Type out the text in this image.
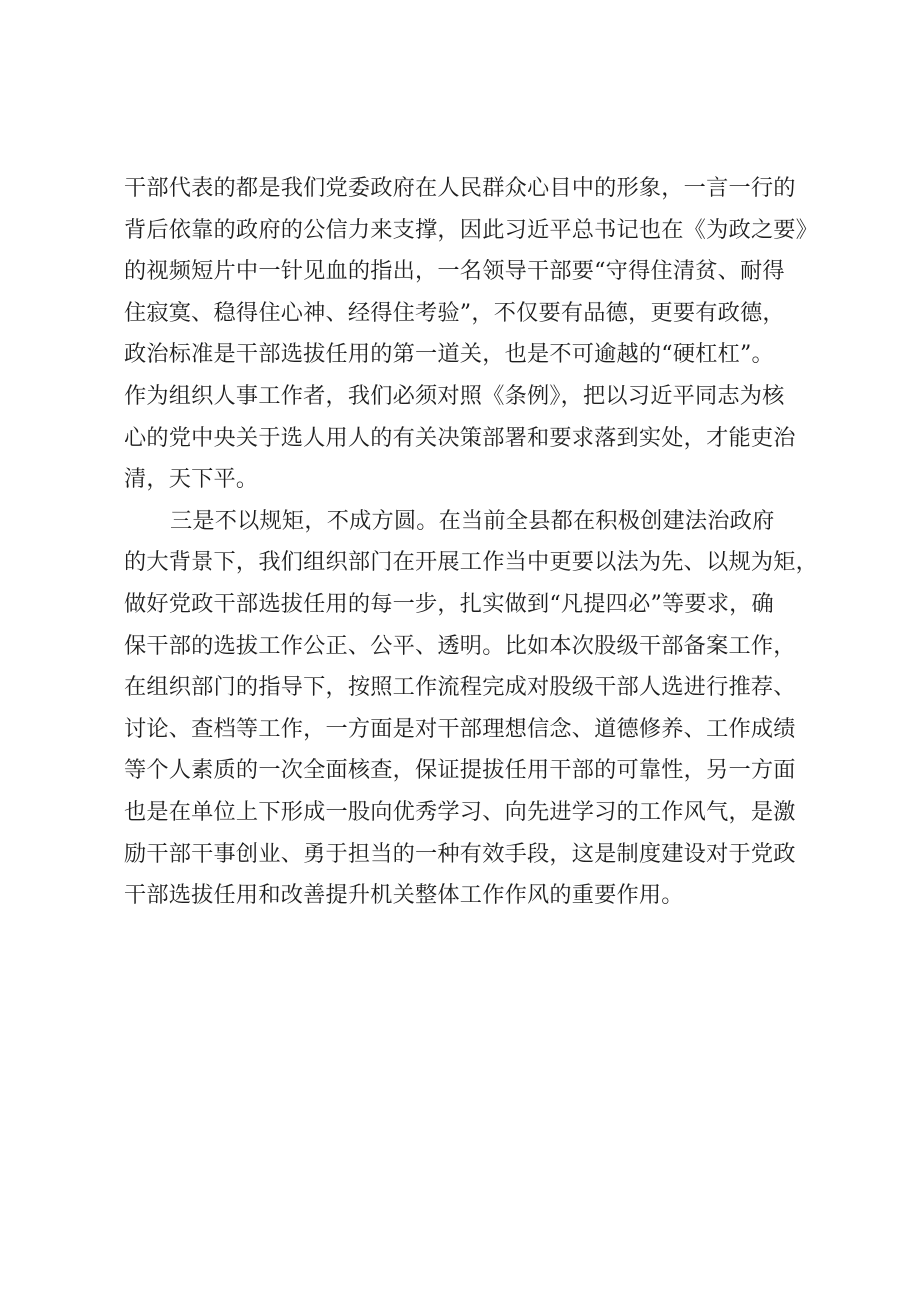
干部代表的都是我们党委政府在人民群众心目中的形象，一言一行的
背后依靠的政府的公信力来支撑，因此习近平总书记也在《为政之要》
的视频短片中一针见血的指出，一名领导干部要“守得住清贫、耐得
住寂寞、稳得住心神、经得住考验”，不仅要有品德，更要有政德，
政治标准是干部选拔任用的第一道关，也是不可逾越的“硬杠杠”。
作为组织人事工作者，我们必须对照《条例》，把以习近平同志为核
心的党中央关于选人用人的有关决策部署和要求落到实处，才能吏治
清，天下平。

三是不以规矩，不成方圆。在当前全县都在积极创建法治政府
的大背景下，我们组织部门在开展工作当中更要以法为先、以规为矩，
做好党政干部选拔任用的每一步，扎实做到“凡提四必”等要求，确
保干部的选拔工作公正、公平、透明。比如本次股级干部备案工作，
在组织部门的指导下，按照工作流程完成对股级干部人选进行推荐、
讨论、查档等工作，一方面是对干部理想信念、道德修养、工作成绩
等个人素质的一次全面核查，保证提拔任用干部的可靠性，另一方面
也是在单位上下形成一股向优秀学习、向先进学习的工作风气，是激
励干部干事创业、勇于担当的一种有效手段，这是制度建设对于党政
干部选拔任用和改善提升机关整体工作作风的重要作用。
